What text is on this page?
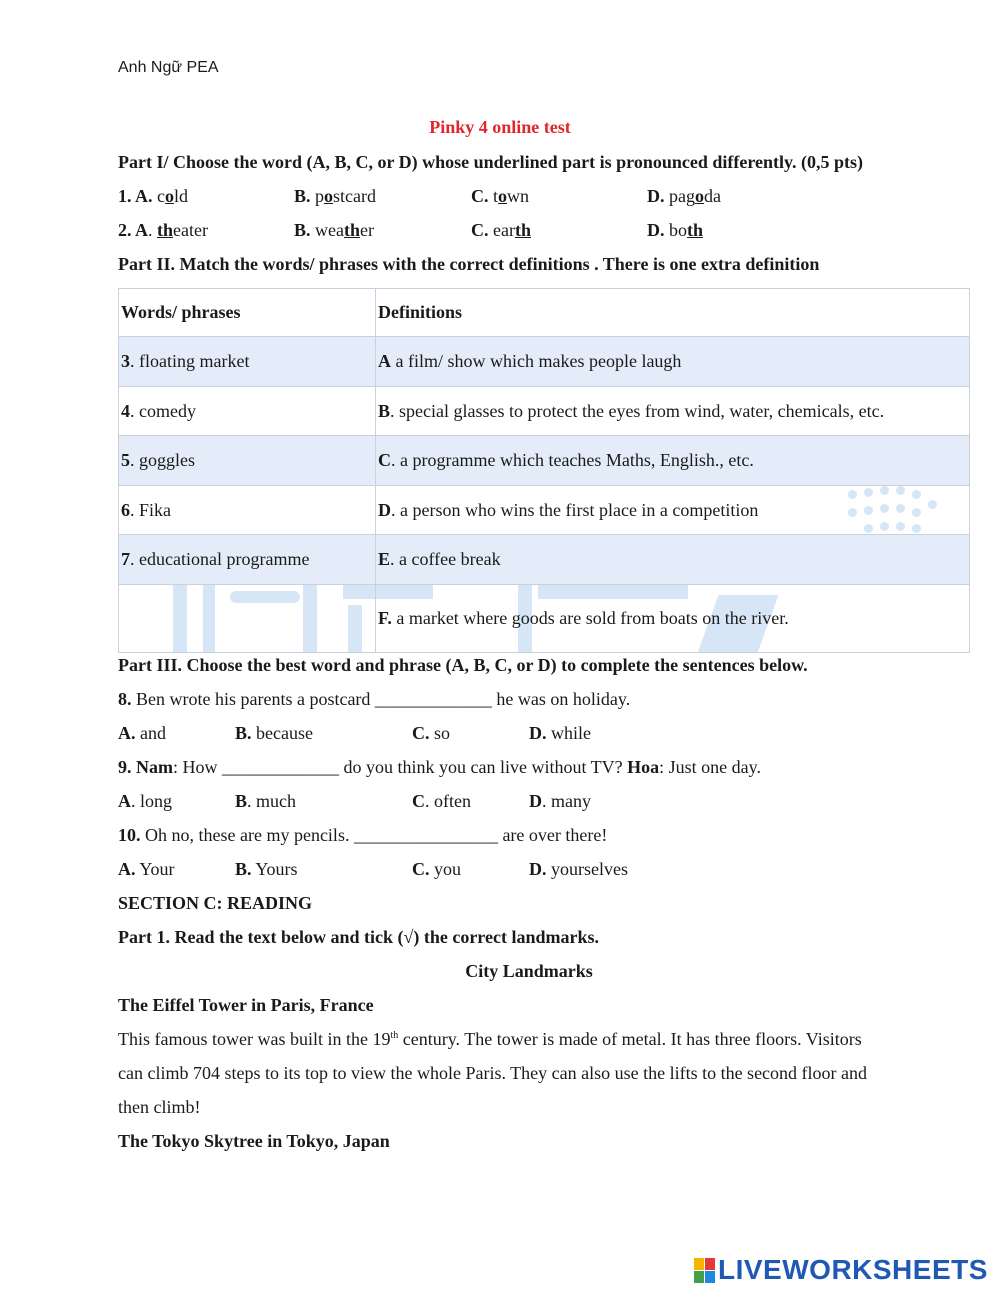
Anh Ngữ PEA
Pinky 4 online test
Part I/ Choose the word (A, B, C, or D) whose underlined part is pronounced differently. (0,5 pts)
1. A. cold	B. postcard	C. town	D. pagoda
2. A. theater	B. weather	C. earth	D. both
Part II. Match the words/ phrases with the correct definitions . There is one extra definition
Words/ phrases	Definitions
3. floating market	A a film/ show which makes people laugh
4. comedy	B. special glasses to protect the eyes from wind, water, chemicals, etc.
5. goggles	C. a programme which teaches Maths, English., etc.
6. Fika	D. a person who wins the first place in a competition
7. educational programme	E. a coffee break
	F. a market where goods are sold from boats on the river.
Part III. Choose the best word and phrase (A, B, C, or D) to complete the sentences below.
8. Ben wrote his parents a postcard _____________ he was on holiday.
A. and	B. because	C. so	D. while
9. Nam: How _____________ do you think you can live without TV? Hoa: Just one day.
A. long	B. much	C. often	D. many
10. Oh no, these are my pencils. ________________ are over there!
A. Your	B. Yours	C. you	D. yourselves
SECTION C: READING
Part 1. Read the text below and tick (√) the correct landmarks.
City Landmarks
The Eiffel Tower in Paris, France
This famous tower was built in the 19th century. The tower is made of metal. It has three floors. Visitors
can climb 704 steps to its top to view the whole Paris. They can also use the lifts to the second floor and
then climb!
The Tokyo Skytree in Tokyo, Japan
LIVEWORKSHEETS
